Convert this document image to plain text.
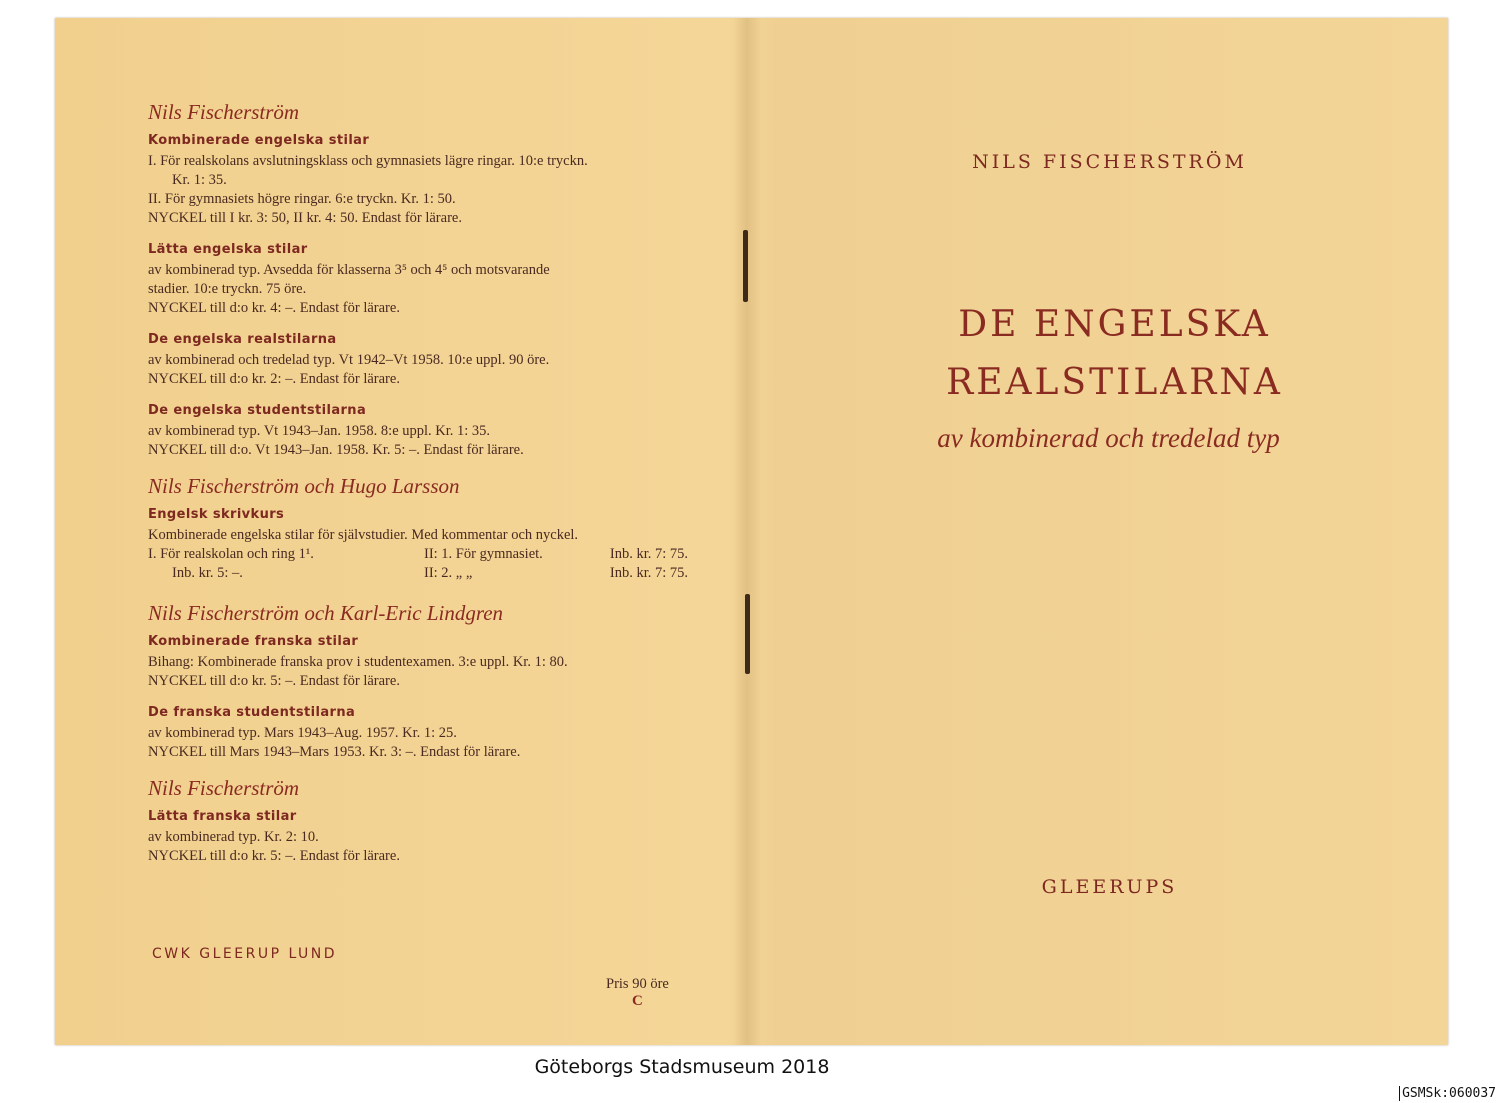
Nils Fischerström
Kombinerade engelska stilar
I. För realskolans avslutningsklass och gymnasiets lägre ringar. 10:e tryckn.
Kr. 1: 35.
II. För gymnasiets högre ringar. 6:e tryckn. Kr. 1: 50.
NYCKEL till I kr. 3: 50, II kr. 4: 50. Endast för lärare.
Lätta engelska stilar
av kombinerad typ. Avsedda för klasserna 3⁵ och 4⁵ och motsvarande
stadier. 10:e tryckn. 75 öre.
NYCKEL till d:o kr. 4: –. Endast för lärare.
De engelska realstilarna
av kombinerad och tredelad typ. Vt 1942–Vt 1958. 10:e uppl. 90 öre.
NYCKEL till d:o kr. 2: –. Endast för lärare.
De engelska studentstilarna
av kombinerad typ. Vt 1943–Jan. 1958. 8:e uppl. Kr. 1: 35.
NYCKEL till d:o. Vt 1943–Jan. 1958. Kr. 5: –. Endast för lärare.
Nils Fischerström och Hugo Larsson
Engelsk skrivkurs
Kombinerade engelska stilar för självstudier. Med kommentar och nyckel.
I. För realskolan och ring 1¹.
Inb. kr. 5: –.
II: 1. För gymnasiet.	Inb. kr. 7: 75.
II: 2. „ „	Inb. kr. 7: 75.
Nils Fischerström och Karl-Eric Lindgren
Kombinerade franska stilar
Bihang: Kombinerade franska prov i studentexamen. 3:e uppl. Kr. 1: 80.
NYCKEL till d:o kr. 5: –. Endast för lärare.
De franska studentstilarna
av kombinerad typ. Mars 1943–Aug. 1957. Kr. 1: 25.
NYCKEL till Mars 1943–Mars 1953. Kr. 3: –. Endast för lärare.
Nils Fischerström
Lätta franska stilar
av kombinerad typ. Kr. 2: 10.
NYCKEL till d:o kr. 5: –. Endast för lärare.
CWK GLEERUP LUND
Pris 90 öre
C
NILS FISCHERSTRÖM
DE ENGELSKA
REALSTILARNA
av kombinerad och tredelad typ
GLEERUPS
Göteborgs Stadsmuseum 2018
GSMSk:060037
